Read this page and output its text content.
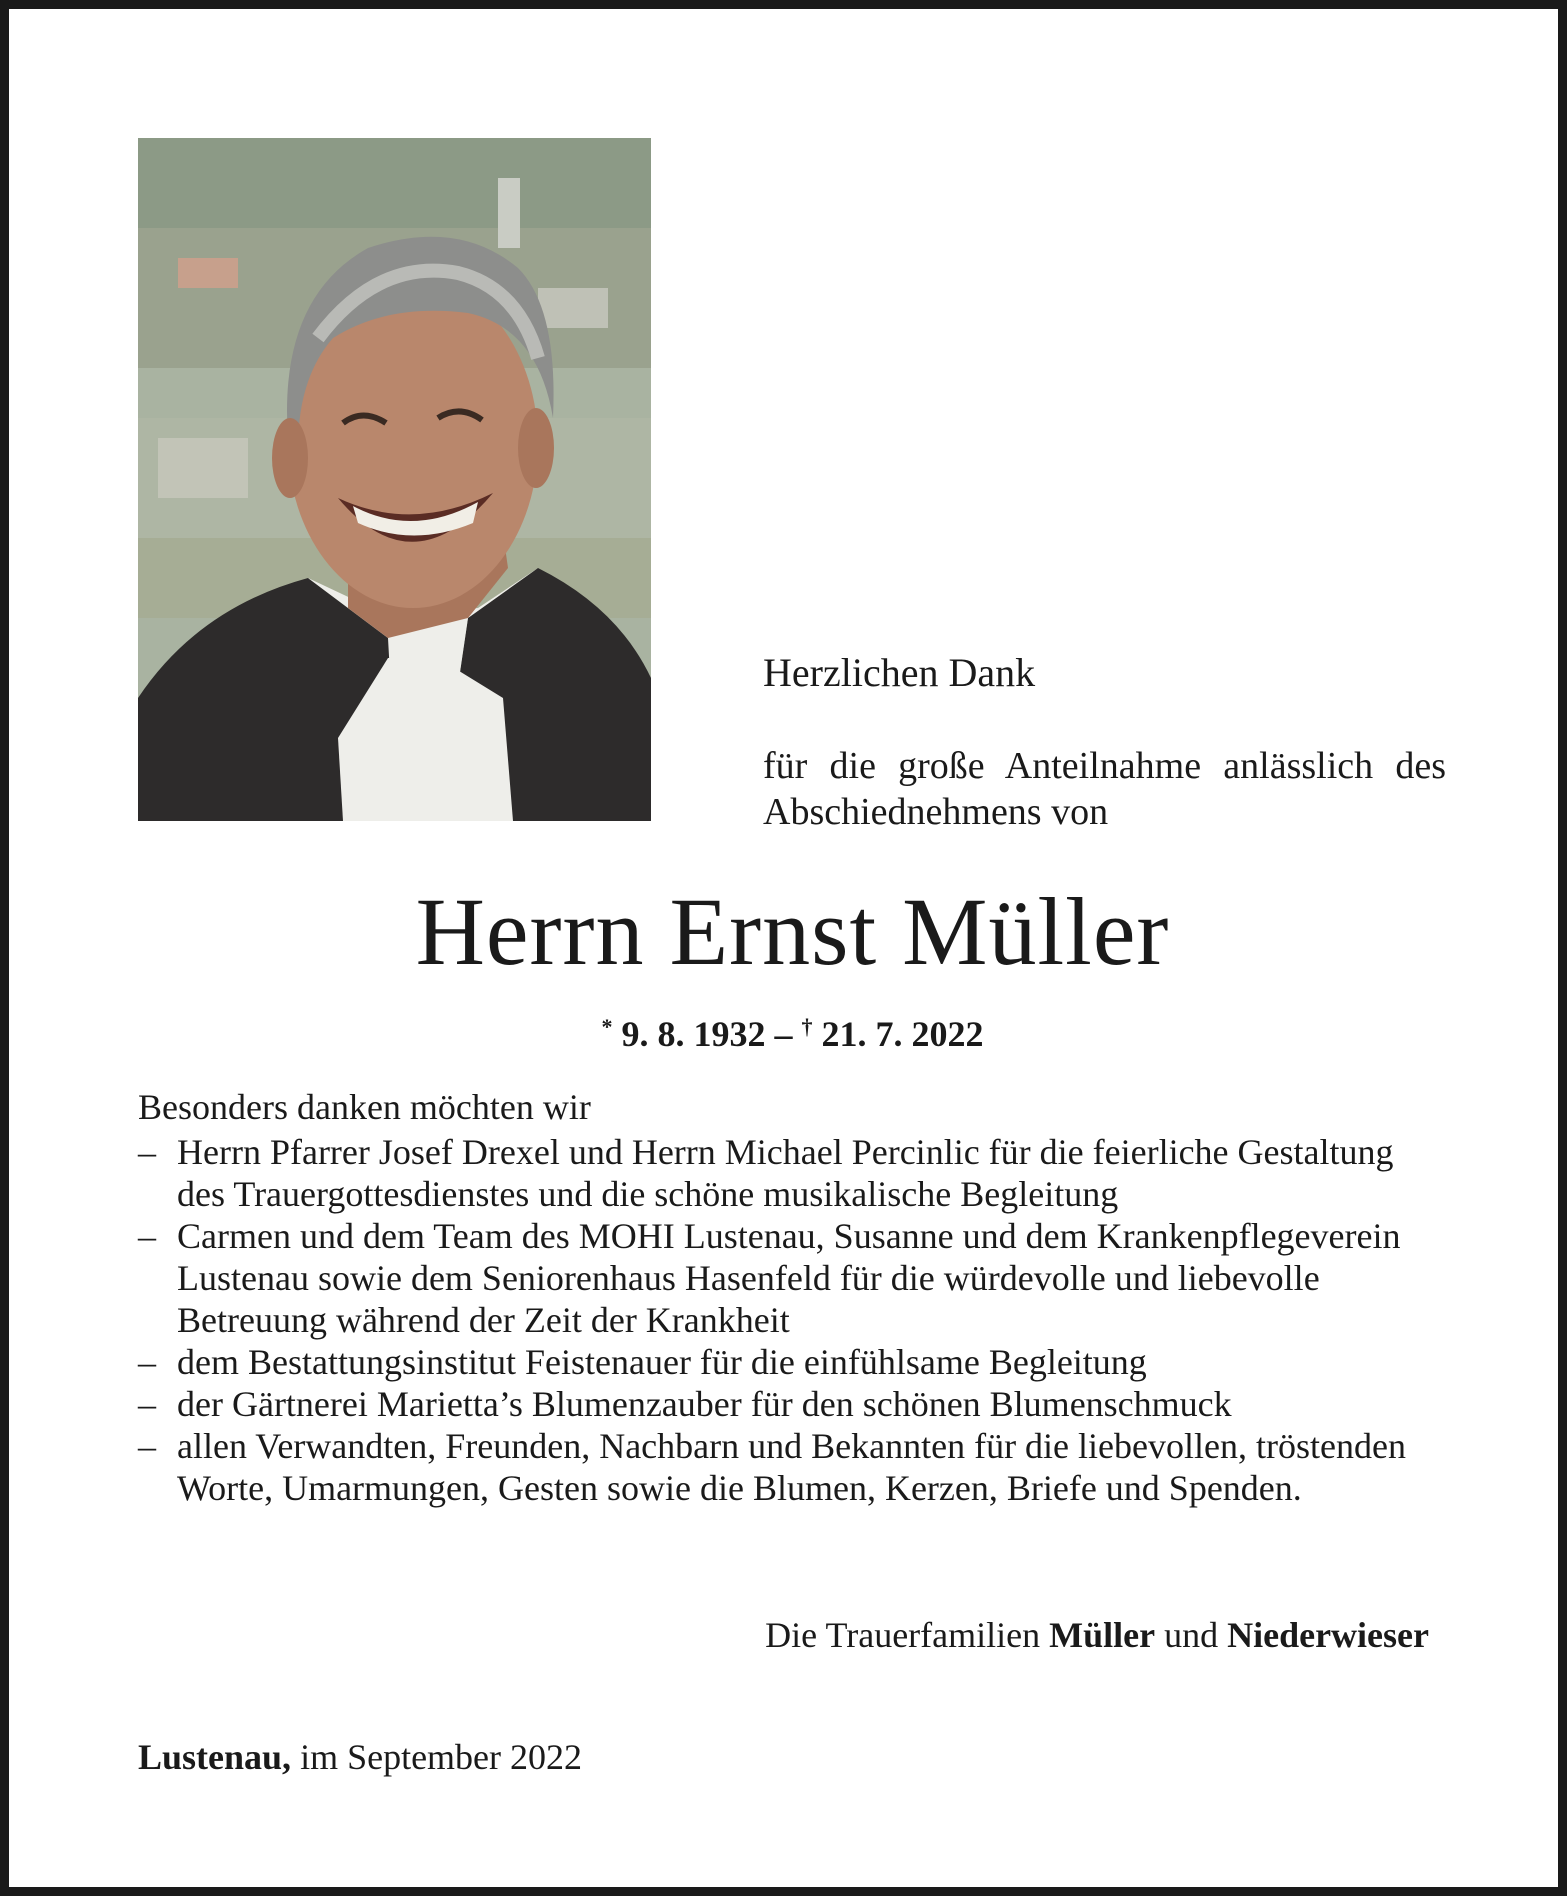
Herzlichen Dank

für die große Anteilnahme anlässlich des Abschiednehmens von

Herrn Ernst Müller
* 9. 8. 1932 – † 21. 7. 2022
Besonders danken möchten wir
– Herrn Pfarrer Josef Drexel und Herrn Michael Percinlic für die feierliche Gestaltung des Trauergottesdienstes und die schöne musikalische Begleitung
– Carmen und dem Team des MOHI Lustenau, Susanne und dem Krankenpflegeverein Lustenau sowie dem Seniorenhaus Hasenfeld für die würdevolle und liebevolle Betreuung während der Zeit der Krankheit
– dem Bestattungsinstitut Feistenauer für die einfühlsame Begleitung
– der Gärtnerei Marietta’s Blumenzauber für den schönen Blumenschmuck
– allen Verwandten, Freunden, Nachbarn und Bekannten für die liebevollen, tröstenden Worte, Umarmungen, Gesten sowie die Blumen, Kerzen, Briefe und Spenden.
Die Trauerfamilien Müller und Niederwieser
Lustenau, im September 2022
